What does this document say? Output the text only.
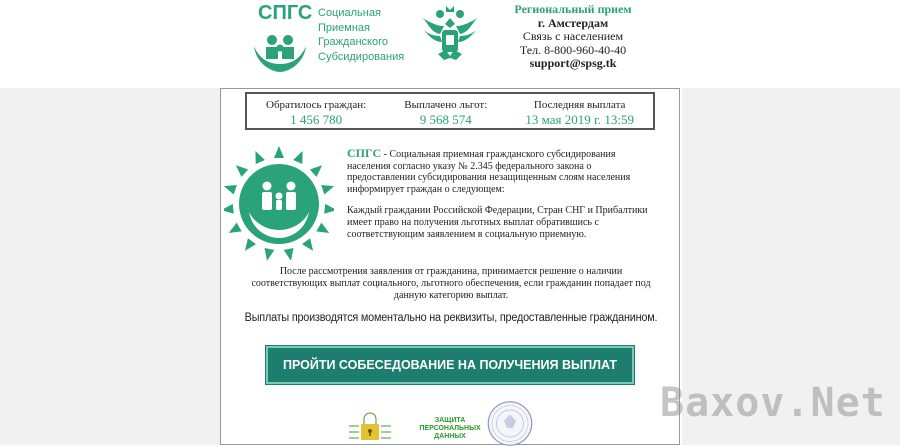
СПГС Социальная
Приемная
Гражданского
Субсидирования
Региональный прием
г. Амстердам
Связь с населением
Тел. 8-800-960-40-40
support@spsg.tk
Обратилось граждан:
1 456 780
Выплачено льгот:
9 568 574
Последняя выплата
13 мая 2019 г. 13:59

СПГС - Социальная приемная гражданского субсидирования населения согласно указу № 2.345 федерального закона о предоставлении субсидирования незащищенным слоям населения информирует граждан о следующем:

Каждый граждании Российской Федерации, Стран СНГ и Прибалтики имеет право на получения льготных выплат обратившись с соответствующим заявлением в социальную приемную.

После рассмотрения заявления от гражданина, принимается решение о наличии соответствующих выплат социального, льготного обеспечения, если гражданин попадает под данную категорию выплат.
Выплаты производятся моментально на реквизиты, предоставленные гражданином.
ПРОЙТИ СОБЕСЕДОВАНИЕ НА ПОЛУЧЕНИЯ ВЫПЛАТ
ЗАЩИТА ПЕРСОНАЛЬНЫХ ДАННЫХ
Baxov.Net
